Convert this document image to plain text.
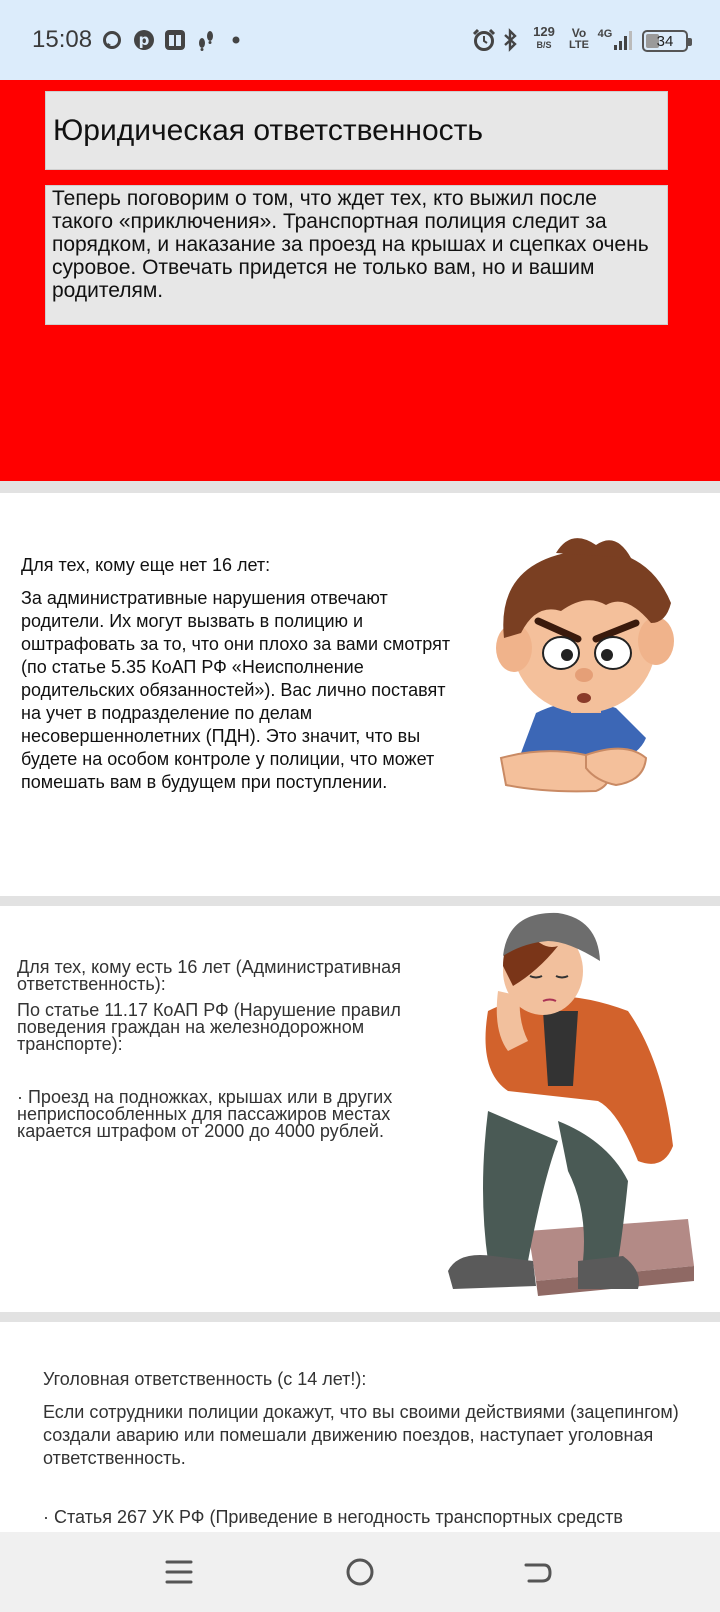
15:08	p	129
B/S
Vo
LTE
4G	34
Юридическая ответственность

Теперь поговорим о том, что ждет тех, кто выжил после такого «приключения». Транспортная полиция следит за порядком, и наказание за проезд на крышах и сцепках очень суровое. Отвечать придется не только вам, но и вашим родителям.

Для тех, кому еще нет 16 лет:
За административные нарушения отвечают родители. Их могут вызвать в полицию и оштрафовать за то, что они плохо за вами смотрят (по статье 5.35 КоАП РФ «Неисполнение родительских обязанностей»). Вас лично поставят на учет в подразделение по делам несовершеннолетних (ПДН). Это значит, что вы будете на особом контроле у полиции, что может помешать вам в будущем при поступлении.
Для тех, кому есть 16 лет (Административная ответственность):
По статье 11.17 КоАП РФ (Нарушение правил поведения граждан на железнодорожном транспорте):
· Проезд на подножках, крышах или в других неприспособленных для пассажиров местах карается штрафом от 2000 до 4000 рублей.
Уголовная ответственность (с 14 лет!):
Если сотрудники полиции докажут, что вы своими действиями (зацепингом) создали аварию или помешали движению поездов, наступает уголовная ответственность.
· Статья 267 УК РФ (Приведение в негодность транспортных средств
